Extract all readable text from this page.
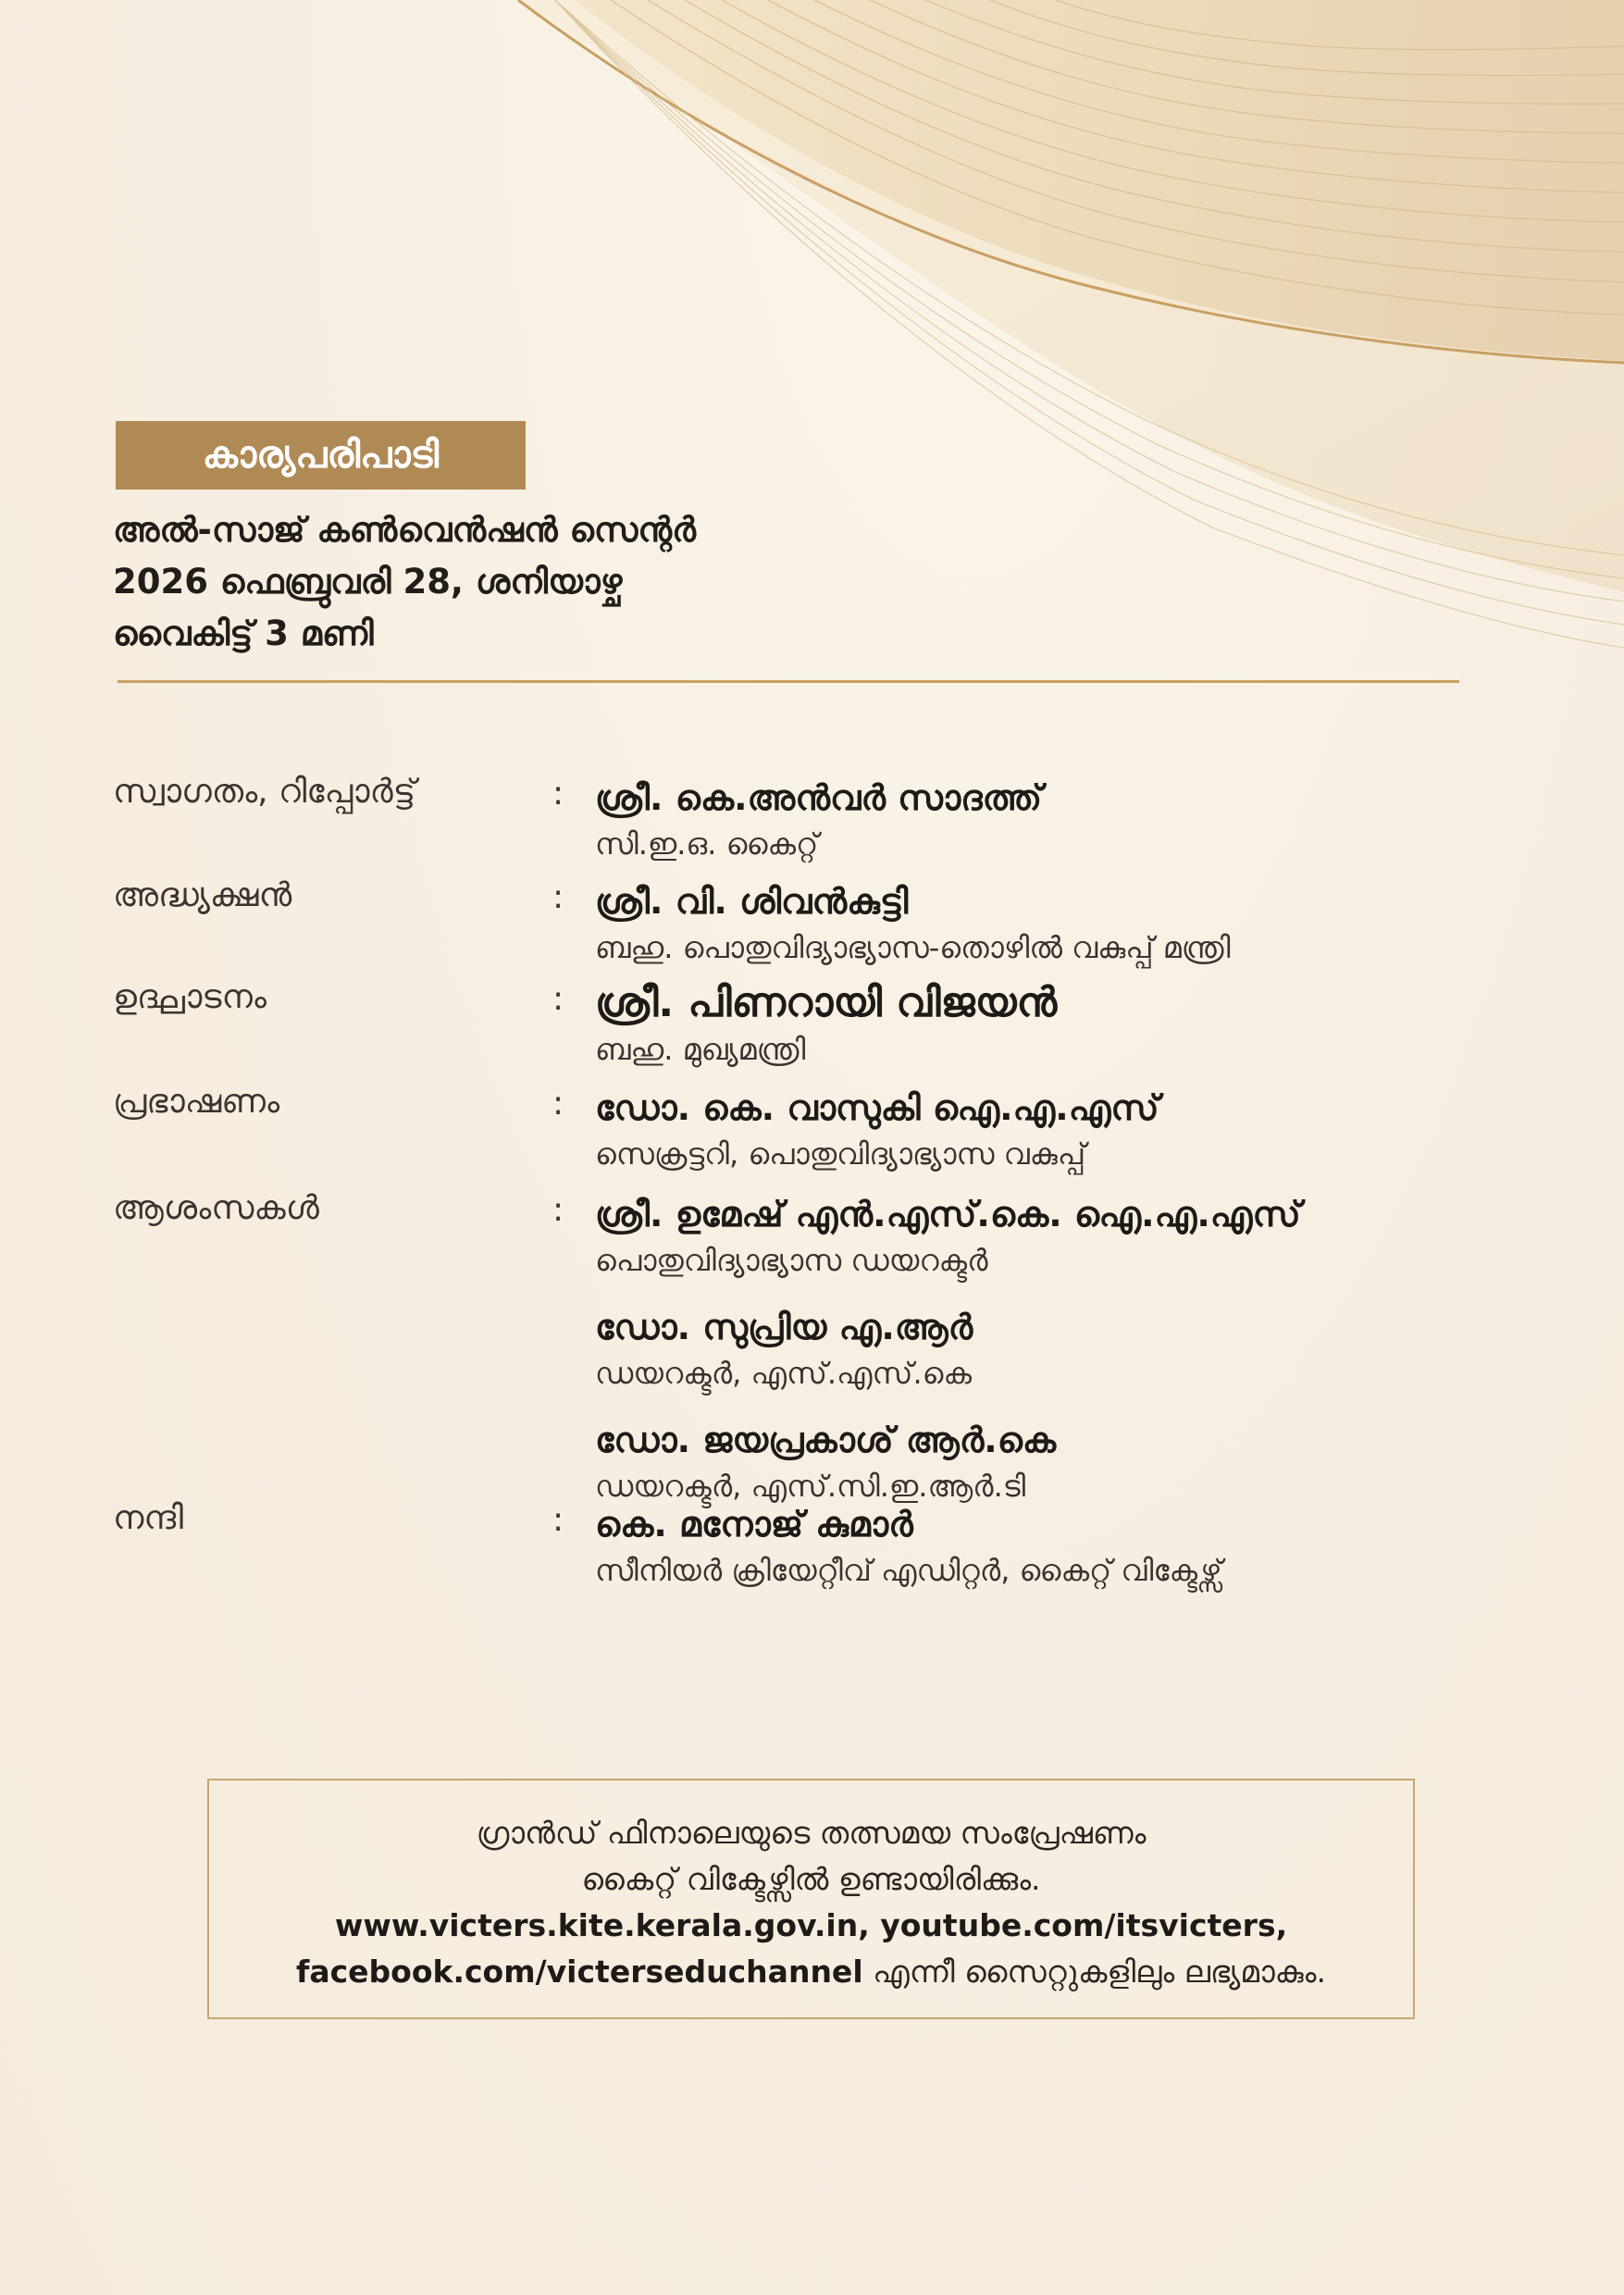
കാര്യപരിപാടി
അൽ-സാജ് കൺവെൻഷൻ സെന്റർ
2026 ഫെബ്രുവരി 28, ശനിയാഴ്ച
വൈകിട്ട് 3 മണി
സ്വാഗതം, റിപ്പോർട്ട്	: ശ്രീ. കെ.അൻവർ സാദത്ത്
സി.ഇ.ഒ. കൈറ്റ്
അദ്ധ്യക്ഷൻ	: ശ്രീ. വി. ശിവൻകുട്ടി
ബഹു. പൊതുവിദ്യാഭ്യാസ-തൊഴിൽ വകുപ്പ് മന്ത്രി
ഉദ്ഘാടനം	: ശ്രീ. പിണറായി വിജയൻ
ബഹു. മുഖ്യമന്ത്രി
പ്രഭാഷണം	: ഡോ. കെ. വാസുകി ഐ.എ.എസ്
സെക്രട്ടറി, പൊതുവിദ്യാഭ്യാസ വകുപ്പ്
ആശംസകൾ	: ശ്രീ. ഉമേഷ് എൻ.എസ്.കെ. ഐ.എ.എസ്
പൊതുവിദ്യാഭ്യാസ ഡയറക്ടർ
ഡോ. സുപ്രിയ എ.ആർ
ഡയറക്ടർ, എസ്.എസ്.കെ
ഡോ. ജയപ്രകാശ് ആർ.കെ
ഡയറക്ടർ, എസ്.സി.ഇ.ആർ.ടി
നന്ദി	: കെ. മനോജ് കുമാർ
സീനിയർ ക്രിയേറ്റീവ് എഡിറ്റർ, കൈറ്റ് വിക്ടേഴ്സ്
ഗ്രാൻഡ് ഫിനാലെയുടെ തത്സമയ സംപ്രേഷണം
കൈറ്റ് വിക്ടേഴ്സിൽ ഉണ്ടായിരിക്കും.
www.victers.kite.kerala.gov.in, youtube.com/itsvicters,
facebook.com/victerseduchannel എന്നീ സൈറ്റുകളിലും ലഭ്യമാകും.
